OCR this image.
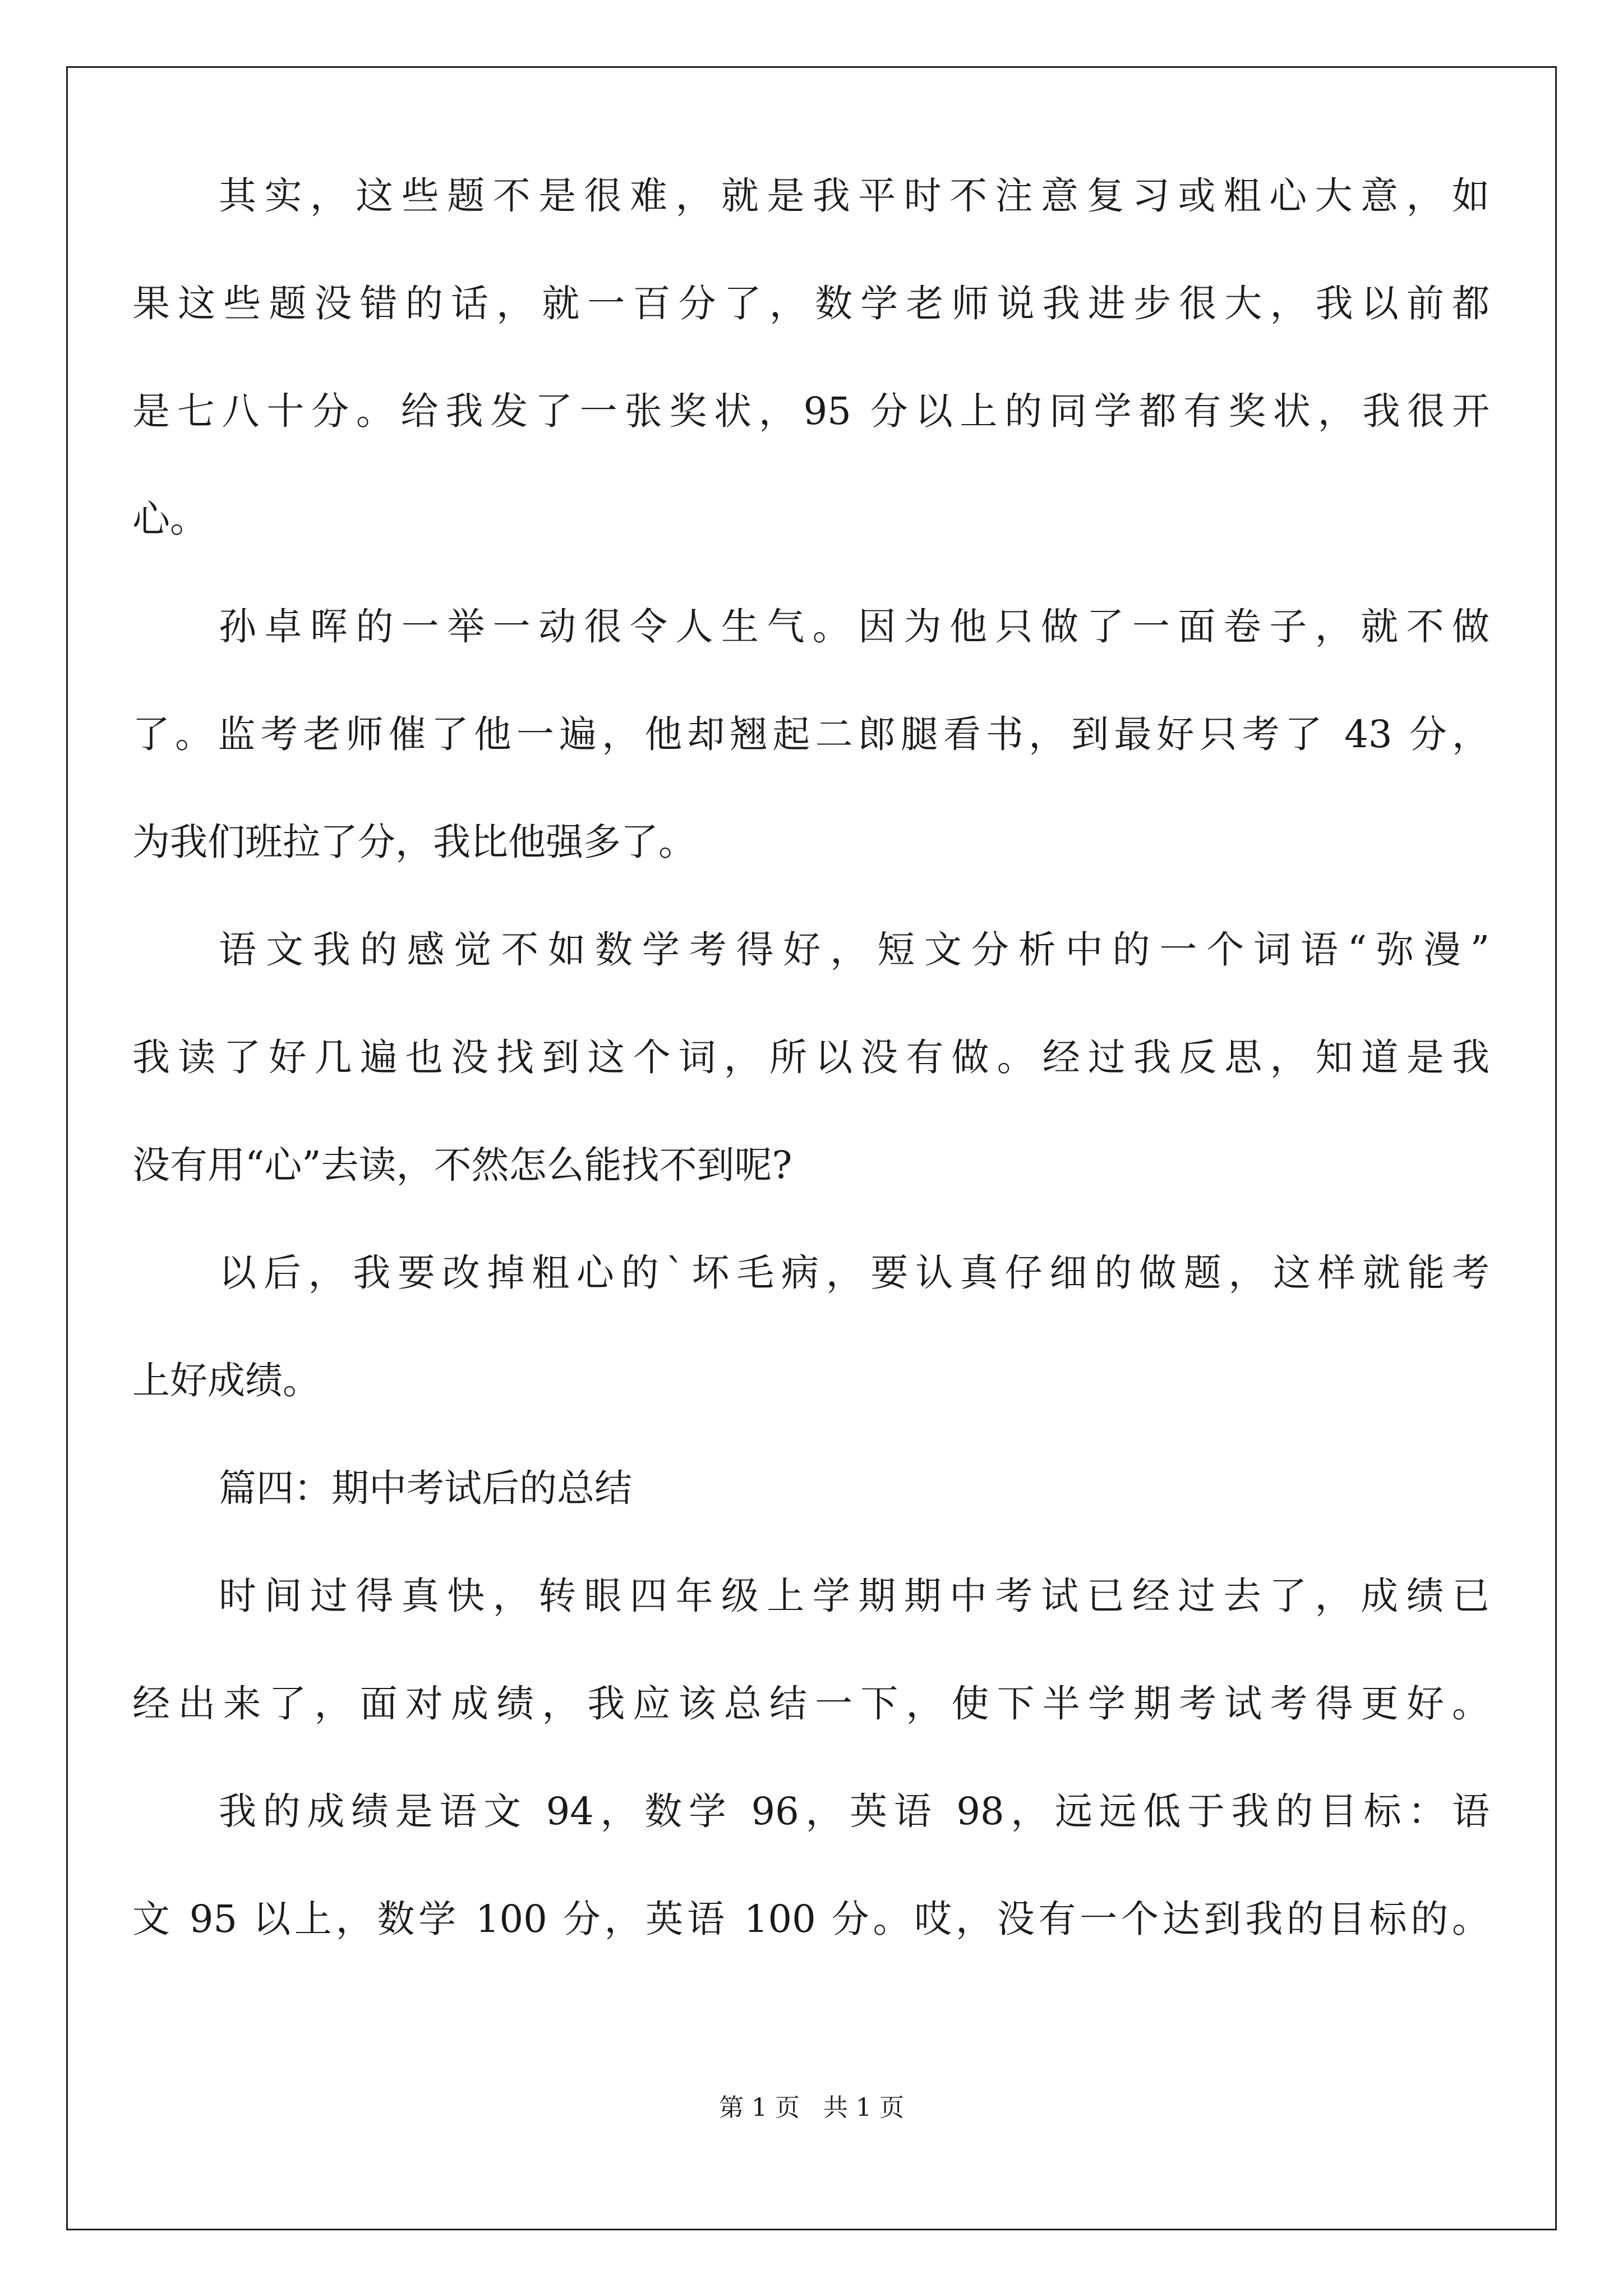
其实，这些题不是很难，就是我平时不注意复习或粗心大意，如
果这些题没错的话，就一百分了，数学老师说我进步很大，我以前都
是七八十分。给我发了一张奖状，95 分以上的同学都有奖状，我很开
心。
孙卓晖的一举一动很令人生气。因为他只做了一面卷子，就不做
了。监考老师催了他一遍，他却翘起二郎腿看书，到最好只考了 43 分，
为我们班拉了分，我比他强多了。
语文我的感觉不如数学考得好，短文分析中的一个词语“弥漫”
我读了好几遍也没找到这个词，所以没有做。经过我反思，知道是我
没有用“心”去读，不然怎么能找不到呢?
以后，我要改掉粗心的`坏毛病，要认真仔细的做题，这样就能考
上好成绩。
篇四：期中考试后的总结
时间过得真快，转眼四年级上学期期中考试已经过去了，成绩已
经出来了，面对成绩，我应该总结一下，使下半学期考试考得更好。
我的成绩是语文 94，数学 96，英语 98，远远低于我的目标：语
文 95 以上，数学 100 分，英语 100 分。哎，没有一个达到我的目标的。
第 1 页 共 1 页
